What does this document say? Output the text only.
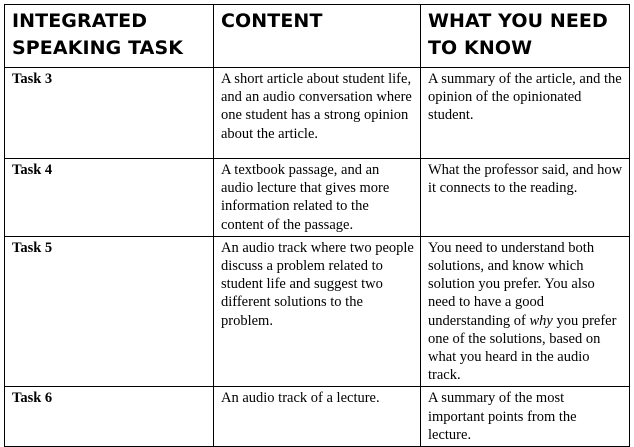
INTEGRATED SPEAKING TASK	CONTENT	WHAT YOU NEED TO KNOW
Task 3	A short article about student life, and an audio conversation where one student has a strong opinion about the article.	A summary of the article, and the opinion of the opinionated student.
Task 4	A textbook passage, and an audio lecture that gives more information related to the content of the passage.	What the professor said, and how it connects to the reading.
Task 5	An audio track where two people discuss a problem related to student life and suggest two different solutions to the problem.	You need to understand both solutions, and know which solution you prefer. You also need to have a good understanding of why you prefer one of the solutions, based on what you heard in the audio track.
Task 6	An audio track of a lecture.	A summary of the most important points from the lecture.
